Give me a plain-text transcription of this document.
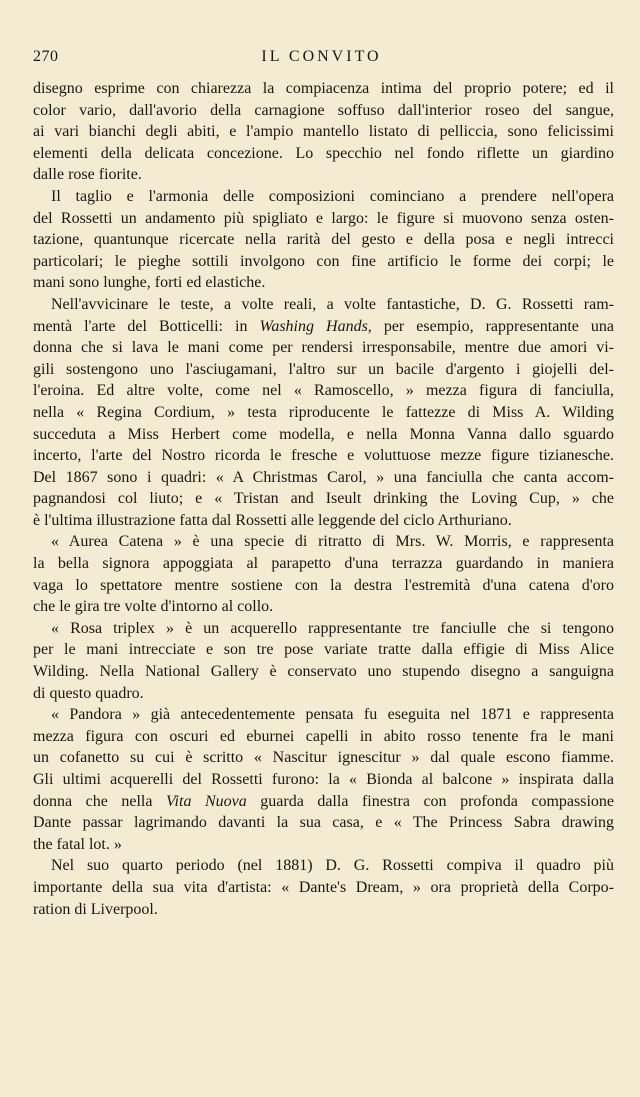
270	IL CONVITO

disegno esprime con chiarezza la compiacenza intima del proprio potere; ed il
color vario, dall'avorio della carnagione soffuso dall'interior roseo del sangue,
ai vari bianchi degli abiti, e l'ampio mantello listato di pelliccia, sono felicissimi
elementi della delicata concezione. Lo specchio nel fondo riflette un giardino
dalle rose fiorite.

Il taglio e l'armonia delle composizioni cominciano a prendere nell'opera
del Rossetti un andamento più spigliato e largo: le figure si muovono senza osten-
tazione, quantunque ricercate nella rarità del gesto e della posa e negli intrecci
particolari; le pieghe sottili involgono con fine artificio le forme dei corpi; le
mani sono lunghe, forti ed elastiche.

Nell'avvicinare le teste, a volte reali, a volte fantastiche, D. G. Rossetti ram-
mentà l'arte del Botticelli: in Washing Hands, per esempio, rappresentante una
donna che si lava le mani come per rendersi irresponsabile, mentre due amori vi-
gili sostengono uno l'asciugamani, l'altro sur un bacile d'argento i giojelli del-
l'eroina. Ed altre volte, come nel « Ramoscello, » mezza figura di fanciulla,
nella « Regina Cordium, » testa riproducente le fattezze di Miss A. Wilding
succeduta a Miss Herbert come modella, e nella Monna Vanna dallo sguardo
incerto, l'arte del Nostro ricorda le fresche e voluttuose mezze figure tizianesche.
Del 1867 sono i quadri: « A Christmas Carol, » una fanciulla che canta accom-
pagnandosi col liuto; e « Tristan and Iseult drinking the Loving Cup, » che
è l'ultima illustrazione fatta dal Rossetti alle leggende del ciclo Arthuriano.

« Aurea Catena » è una specie di ritratto di Mrs. W. Morris, e rappresenta
la bella signora appoggiata al parapetto d'una terrazza guardando in maniera
vaga lo spettatore mentre sostiene con la destra l'estremità d'una catena d'oro
che le gira tre volte d'intorno al collo.

« Rosa triplex » è un acquerello rappresentante tre fanciulle che si tengono
per le mani intrecciate e son tre pose variate tratte dalla effigie di Miss Alice
Wilding. Nella National Gallery è conservato uno stupendo disegno a sanguigna
di questo quadro.

« Pandora » già antecedentemente pensata fu eseguita nel 1871 e rappresenta
mezza figura con oscuri ed eburnei capelli in abito rosso tenente fra le mani
un cofanetto su cui è scritto « Nascitur ignescitur » dal quale escono fiamme.
Gli ultimi acquerelli del Rossetti furono: la « Bionda al balcone » inspirata dalla
donna che nella Vita Nuova guarda dalla finestra con profonda compassione
Dante passar lagrimando davanti la sua casa, e « The Princess Sabra drawing
the fatal lot. »

Nel suo quarto periodo (nel 1881) D. G. Rossetti compiva il quadro più
importante della sua vita d'artista: « Dante's Dream, » ora proprietà della Corpo-
ration di Liverpool.
